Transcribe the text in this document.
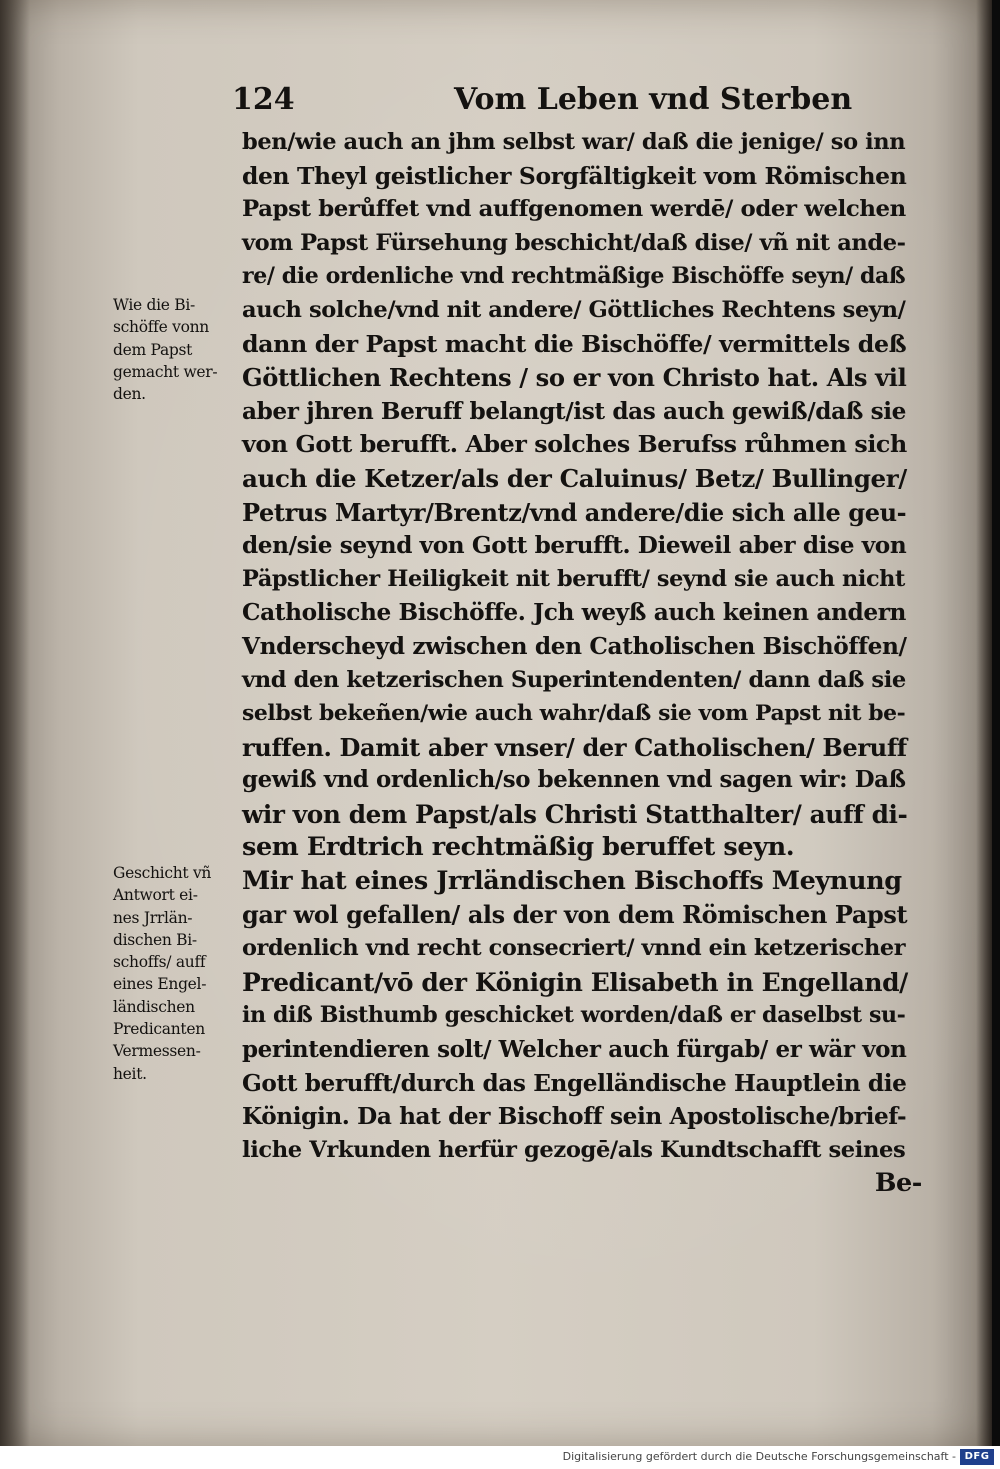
124	Vom Leben vnd Sterben
Wie die Bi-
schöffe vonn
dem Papst
gemacht wer-
den.
Geschicht vñ
Antwort ei-
nes Jrrlän-
dischen Bi-
schoffs/ auff
eines Engel-
ländischen
Predicanten
Vermessen-
heit.
ben/wie auch an jhm selbst war/ daß die jenige/ so inn
den Theyl geistlicher Sorgfältigkeit vom Römischen
Papst berůffet vnd auffgenomen werdē/ oder welchen
vom Papst Fürsehung beschicht/daß dise/ vñ nit ande-
re/ die ordenliche vnd rechtmäßige Bischöffe seyn/ daß
auch solche/vnd nit andere/ Göttliches Rechtens seyn/
dann der Papst macht die Bischöffe/ vermittels deß
Göttlichen Rechtens / so er von Christo hat. Als vil
aber jhren Beruff belangt/ist das auch gewiß/daß sie
von Gott berufft. Aber solches Berufss růhmen sich
auch die Ketzer/als der Caluinus/ Betz/ Bullinger/
Petrus Martyr/Brentz/vnd andere/die sich alle geu-
den/sie seynd von Gott berufft. Dieweil aber dise von
Päpstlicher Heiligkeit nit berufft/ seynd sie auch nicht
Catholische Bischöffe. Jch weyß auch keinen andern
Vnderscheyd zwischen den Catholischen Bischöffen/
vnd den ketzerischen Superintendenten/ dann daß sie
selbst bekeñen/wie auch wahr/daß sie vom Papst nit be-
ruffen. Damit aber vnser/ der Catholischen/ Beruff
gewiß vnd ordenlich/so bekennen vnd sagen wir: Daß
wir von dem Papst/als Christi Statthalter/ auff di-
sem Erdtrich rechtmäßig beruffet seyn.
Mir hat eines Jrrländischen Bischoffs Meynung
gar wol gefallen/ als der von dem Römischen Papst
ordenlich vnd recht consecriert/ vnnd ein ketzerischer
Predicant/vō der Königin Elisabeth in Engelland/
in diß Bisthumb geschicket worden/daß er daselbst su-
perintendieren solt/ Welcher auch fürgab/ er wär von
Gott berufft/durch das Engelländische Hauptlein die
Königin. Da hat der Bischoff sein Apostolische/brief-
liche Vrkunden herfür gezogē/als Kundtschafft seines
Be-
Digitalisierung gefördert durch die Deutsche Forschungsgemeinschaft - DFG
